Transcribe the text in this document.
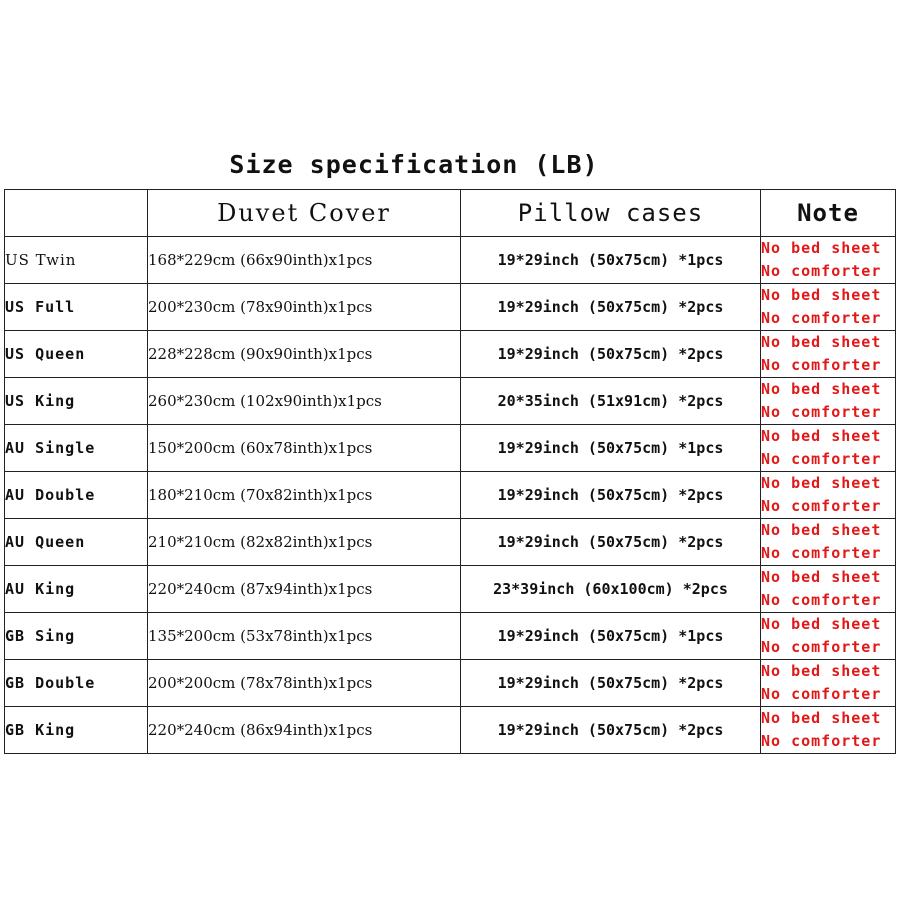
Size specification (LB)
	Duvet Cover	Pillow cases	Note
US Twin	168*229cm (66x90inth)x1pcs	19*29inch (50x75cm) *1pcs	No bed sheet
No comforter

US Full	200*230cm (78x90inth)x1pcs	19*29inch (50x75cm) *2pcs	No bed sheet
No comforter

US Queen	228*228cm (90x90inth)x1pcs	19*29inch (50x75cm) *2pcs	No bed sheet
No comforter

US King	260*230cm (102x90inth)x1pcs	20*35inch (51x91cm) *2pcs	No bed sheet
No comforter

AU Single	150*200cm (60x78inth)x1pcs	19*29inch (50x75cm) *1pcs	No bed sheet
No comforter

AU Double	180*210cm (70x82inth)x1pcs	19*29inch (50x75cm) *2pcs	No bed sheet
No comforter

AU Queen	210*210cm (82x82inth)x1pcs	19*29inch (50x75cm) *2pcs	No bed sheet
No comforter

AU King	220*240cm (87x94inth)x1pcs	23*39inch (60x100cm) *2pcs	No bed sheet
No comforter

GB Sing	135*200cm (53x78inth)x1pcs	19*29inch (50x75cm) *1pcs	No bed sheet
No comforter

GB Double	200*200cm (78x78inth)x1pcs	19*29inch (50x75cm) *2pcs	No bed sheet
No comforter

GB King	220*240cm (86x94inth)x1pcs	19*29inch (50x75cm) *2pcs	No bed sheet
No comforter
